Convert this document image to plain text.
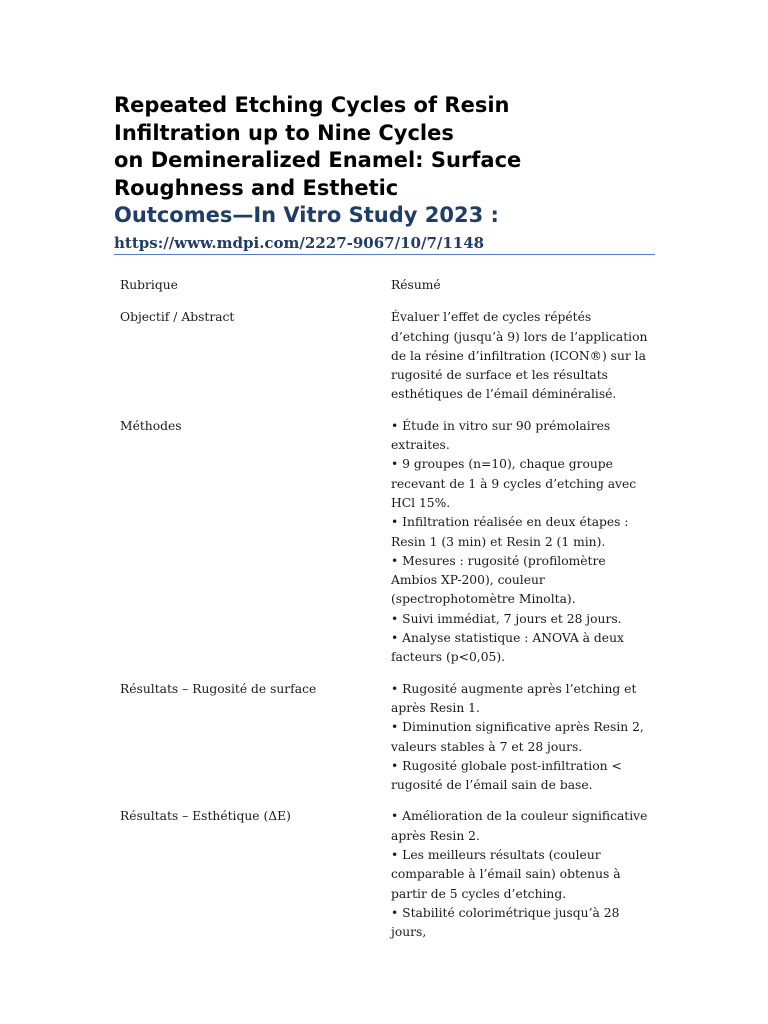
Repeated Etching Cycles of Resin
Infiltration up to Nine Cycles
on Demineralized Enamel: Surface
Roughness and Esthetic
Outcomes—In Vitro Study 2023 :
https://www.mdpi.com/2227-9067/10/7/1148
Rubrique	Résumé
Objectif / Abstract	Évaluer l’effet de cycles répétés d’etching (jusqu’à 9) lors de l’application de la résine d’infiltration (ICON®) sur la rugosité de surface et les résultats esthétiques de l’émail déminéralisé.
Méthodes	• Étude in vitro sur 90 prémolaires extraites.
• 9 groupes (n=10), chaque groupe recevant de 1 à 9 cycles d’etching avec HCl 15%.
• Infiltration réalisée en deux étapes : Resin 1 (3 min) et Resin 2 (1 min).
• Mesures : rugosité (profilomètre Ambios XP-200), couleur (spectrophotomètre Minolta).
• Suivi immédiat, 7 jours et 28 jours.
• Analyse statistique : ANOVA à deux facteurs (p<0,05).
Résultats – Rugosité de surface	• Rugosité augmente après l’etching et après Resin 1.
• Diminution significative après Resin 2, valeurs stables à 7 et 28 jours.
• Rugosité globale post-infiltration < rugosité de l’émail sain de base.
Résultats – Esthétique (ΔE)	• Amélioration de la couleur significative après Resin 2.
• Les meilleurs résultats (couleur comparable à l’émail sain) obtenus à partir de 5 cycles d’etching.
• Stabilité colorimétrique jusqu’à 28 jours,
